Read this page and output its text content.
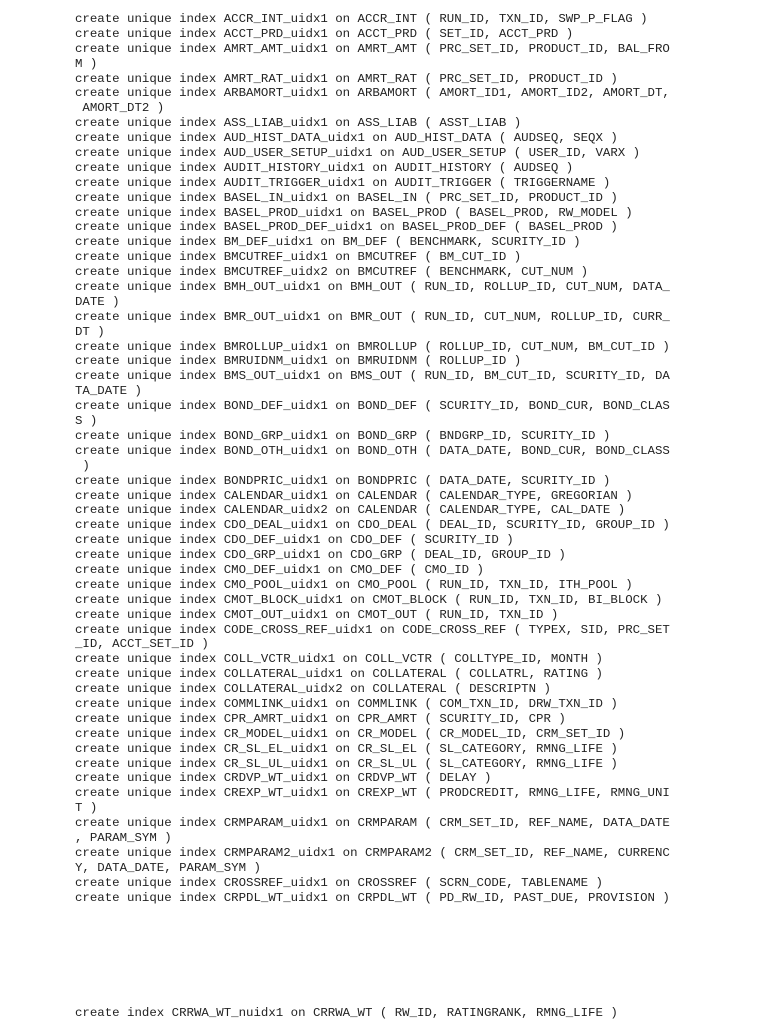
create unique index ACCR_INT_uidx1 on ACCR_INT ( RUN_ID, TXN_ID, SWP_P_FLAG )
create unique index ACCT_PRD_uidx1 on ACCT_PRD ( SET_ID, ACCT_PRD )
create unique index AMRT_AMT_uidx1 on AMRT_AMT ( PRC_SET_ID, PRODUCT_ID, BAL_FRO
M )
create unique index AMRT_RAT_uidx1 on AMRT_RAT ( PRC_SET_ID, PRODUCT_ID )
create unique index ARBAMORT_uidx1 on ARBAMORT ( AMORT_ID1, AMORT_ID2, AMORT_DT,
AMORT_DT2 )
create unique index ASS_LIAB_uidx1 on ASS_LIAB ( ASST_LIAB )
create unique index AUD_HIST_DATA_uidx1 on AUD_HIST_DATA ( AUDSEQ, SEQX )
create unique index AUD_USER_SETUP_uidx1 on AUD_USER_SETUP ( USER_ID, VARX )
create unique index AUDIT_HISTORY_uidx1 on AUDIT_HISTORY ( AUDSEQ )
create unique index AUDIT_TRIGGER_uidx1 on AUDIT_TRIGGER ( TRIGGERNAME )
create unique index BASEL_IN_uidx1 on BASEL_IN ( PRC_SET_ID, PRODUCT_ID )
create unique index BASEL_PROD_uidx1 on BASEL_PROD ( BASEL_PROD, RW_MODEL )
create unique index BASEL_PROD_DEF_uidx1 on BASEL_PROD_DEF ( BASEL_PROD )
create unique index BM_DEF_uidx1 on BM_DEF ( BENCHMARK, SCURITY_ID )
create unique index BMCUTREF_uidx1 on BMCUTREF ( BM_CUT_ID )
create unique index BMCUTREF_uidx2 on BMCUTREF ( BENCHMARK, CUT_NUM )
create unique index BMH_OUT_uidx1 on BMH_OUT ( RUN_ID, ROLLUP_ID, CUT_NUM, DATA_
DATE )
create unique index BMR_OUT_uidx1 on BMR_OUT ( RUN_ID, CUT_NUM, ROLLUP_ID, CURR_
DT )
create unique index BMROLLUP_uidx1 on BMROLLUP ( ROLLUP_ID, CUT_NUM, BM_CUT_ID )
create unique index BMRUIDNM_uidx1 on BMRUIDNM ( ROLLUP_ID )
create unique index BMS_OUT_uidx1 on BMS_OUT ( RUN_ID, BM_CUT_ID, SCURITY_ID, DA
TA_DATE )
create unique index BOND_DEF_uidx1 on BOND_DEF ( SCURITY_ID, BOND_CUR, BOND_CLAS
S )
create unique index BOND_GRP_uidx1 on BOND_GRP ( BNDGRP_ID, SCURITY_ID )
create unique index BOND_OTH_uidx1 on BOND_OTH ( DATA_DATE, BOND_CUR, BOND_CLASS
)
create unique index BONDPRIC_uidx1 on BONDPRIC ( DATA_DATE, SCURITY_ID )
create unique index CALENDAR_uidx1 on CALENDAR ( CALENDAR_TYPE, GREGORIAN )
create unique index CALENDAR_uidx2 on CALENDAR ( CALENDAR_TYPE, CAL_DATE )
create unique index CDO_DEAL_uidx1 on CDO_DEAL ( DEAL_ID, SCURITY_ID, GROUP_ID )
create unique index CDO_DEF_uidx1 on CDO_DEF ( SCURITY_ID )
create unique index CDO_GRP_uidx1 on CDO_GRP ( DEAL_ID, GROUP_ID )
create unique index CMO_DEF_uidx1 on CMO_DEF ( CMO_ID )
create unique index CMO_POOL_uidx1 on CMO_POOL ( RUN_ID, TXN_ID, ITH_POOL )
create unique index CMOT_BLOCK_uidx1 on CMOT_BLOCK ( RUN_ID, TXN_ID, BI_BLOCK )
create unique index CMOT_OUT_uidx1 on CMOT_OUT ( RUN_ID, TXN_ID )
create unique index CODE_CROSS_REF_uidx1 on CODE_CROSS_REF ( TYPEX, SID, PRC_SET
_ID, ACCT_SET_ID )
create unique index COLL_VCTR_uidx1 on COLL_VCTR ( COLLTYPE_ID, MONTH )
create unique index COLLATERAL_uidx1 on COLLATERAL ( COLLATRL, RATING )
create unique index COLLATERAL_uidx2 on COLLATERAL ( DESCRIPTN )
create unique index COMMLINK_uidx1 on COMMLINK ( COM_TXN_ID, DRW_TXN_ID )
create unique index CPR_AMRT_uidx1 on CPR_AMRT ( SCURITY_ID, CPR )
create unique index CR_MODEL_uidx1 on CR_MODEL ( CR_MODEL_ID, CRM_SET_ID )
create unique index CR_SL_EL_uidx1 on CR_SL_EL ( SL_CATEGORY, RMNG_LIFE )
create unique index CR_SL_UL_uidx1 on CR_SL_UL ( SL_CATEGORY, RMNG_LIFE )
create unique index CRDVP_WT_uidx1 on CRDVP_WT ( DELAY )
create unique index CREXP_WT_uidx1 on CREXP_WT ( PRODCREDIT, RMNG_LIFE, RMNG_UNI
T )
create unique index CRMPARAM_uidx1 on CRMPARAM ( CRM_SET_ID, REF_NAME, DATA_DATE
, PARAM_SYM )
create unique index CRMPARAM2_uidx1 on CRMPARAM2 ( CRM_SET_ID, REF_NAME, CURRENC
Y, DATA_DATE, PARAM_SYM )
create unique index CROSSREF_uidx1 on CROSSREF ( SCRN_CODE, TABLENAME )
create unique index CRPDL_WT_uidx1 on CRPDL_WT ( PD_RW_ID, PAST_DUE, PROVISION )
create index CRRWA_WT_nuidx1 on CRRWA_WT ( RW_ID, RATINGRANK, RMNG_LIFE )
